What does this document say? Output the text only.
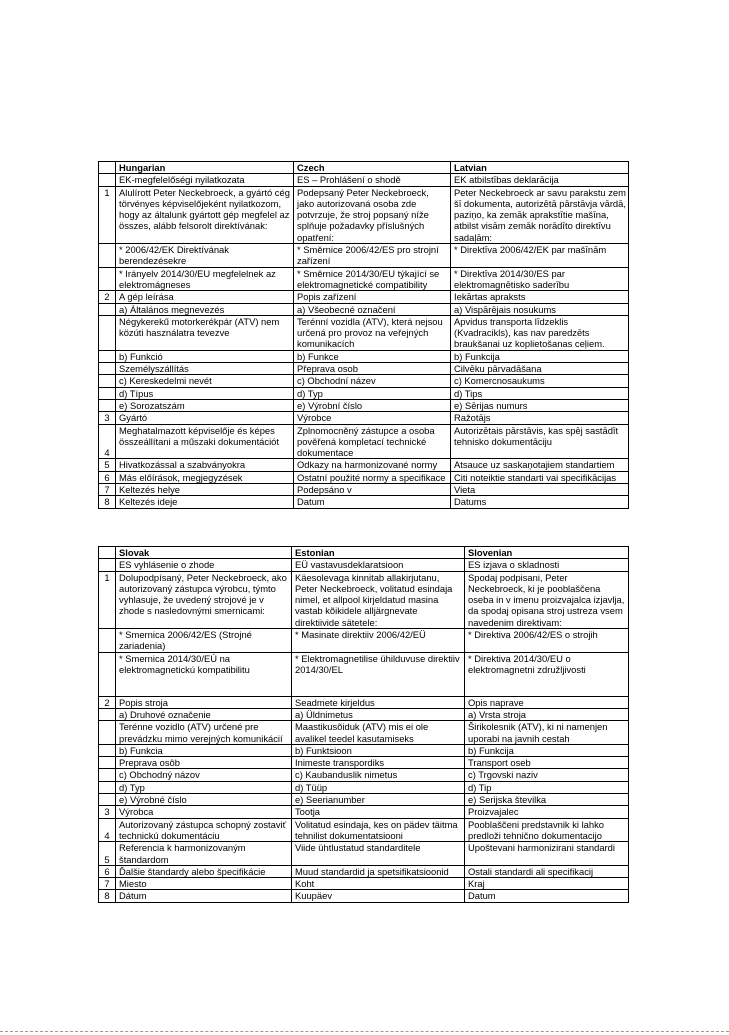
	Hungarian	Czech	Latvian
	EK-megfelelőségi nyilatkozata	ES – Prohlášení o shodě	EK atbilstības deklarācija
1	Alulírott Peter Neckebroeck, a gyártó cég törvényes képviselőjeként nyilatkozom, hogy az általunk gyártott gép megfelel az összes, alább felsorolt direktívának:	Podepsaný Peter Neckebroeck, jako autorizovaná osoba zde potvrzuje, že stroj popsaný níže splňuje požadavky příslušných opatření:	Peter Neckebroeck ar savu parakstu zem šī dokumenta, autorizētā pārstāvja vārdā, paziņo, ka zemāk aprakstītie mašīna, atbilst visām zemāk norādīto direktīvu sadaļām:
	* 2006/42/EK Direktívának berendezésekre	* Směrnice 2006/42/ES pro strojní zařízení	* Direktīva 2006/42/EK par mašīnām
	* Irányelv 2014/30/EU megfelelnek az elektromágneses	* Směrnice 2014/30/EU týkající se elektromagnetické compatibility	* Direktīva 2014/30/ES par elektromagnētisko saderību
2	A gép leírása	Popis zařízení	Iekārtas apraksts
	a) Általános megnevezés	a) Všeobecné označení	a) Vispārējais nosukums
	Négykerekű motorkerékpár (ATV) nem közúti használatra tevezve	Terénní vozidla (ATV), která nejsou určená pro provoz na veřejných komunikacích	Apvidus transporta līdzeklis (Kvadracikls), kas nav paredzēts braukšanai uz koplietošanas ceļiem.
	b) Funkció	b) Funkce	b) Funkcija
	Személyszállítás	Přeprava osob	Cilvēku pārvadāšana
	c) Kereskedelmi nevét	c) Obchodní název	c) Komercnosaukums
	d) Típus	d) Typ	d) Tips
	e) Sorozatszám	e) Výrobní číslo	e) Sērijas numurs
3	Gyártó	Výrobce	Ražotājs
4	Meghatalmazott képviselője és képes összeállítani a műszaki dokumentációt	Zplnomocněný zástupce a osoba pověřená kompletací technické dokumentace	Autorizētais pārstāvis, kas spēj sastādīt tehnisko dokumentāciju
5	Hivatkozással a szabványokra	Odkazy na harmonizované normy	Atsauce uz saskaņotajiem standartiem
6	Más előírások, megjegyzések	Ostatní použité normy a specifikace	Citi noteiktie standarti vai specifikācijas
7	Keltezés helye	Podepsáno v	Vieta
8	Keltezés ideje	Datum	Datums
	Slovak	Estonian	Slovenian
	ES vyhlásenie o zhode	EÜ vastavusdeklaratsioon	ES izjava o skladnosti
1	Dolupodpísaný, Peter Neckebroeck, ako autorizovaný zástupca výrobcu, týmto vyhlasuje, že uvedený strojové je v zhode s nasledovnými smernicami:	Käesolevaga kinnitab allakirjutanu, Peter Neckebroeck, volitatud esindaja nimel, et allpool kirjeldatud masina vastab kõikidele alljärgnevate direktiivide sätetele:	Spodaj podpisani, Peter Neckebroeck, ki je pooblaščena oseba in v imenu proizvajalca izjavlja, da spodaj opisana stroj ustreza vsem navedenim direktivam:
	* Smernica 2006/42/ES (Strojné zariadenia)	* Masinate direktiiv 2006/42/EÜ	* Direktiva 2006/42/ES o strojih
	* Smernica 2014/30/EÚ na elektromagnetickú kompatibilitu	* Elektromagnetilise ühilduvuse direktiiv 2014/30/EL	* Direktiva 2014/30/EU o elektromagnetni združljivosti
2	Popis stroja	Seadmete kirjeldus	Opis naprave
	a) Druhové označenie	a) Üldnimetus	a) Vrsta stroja
	Terénne vozidlo (ATV) určené pre prevádzku mimo verejných komunikácií	Maastikusõiduk (ATV) mis ei ole avalikel teedel kasutamiseks	Širikolesnik (ATV), ki ni namenjen uporabi na javnih cestah
	b) Funkcia	b) Funktsioon	b) Funkcija
	Preprava osôb	Inimeste transpordiks	Transport oseb
	c) Obchodný názov	c) Kaubanduslik nimetus	c) Trgovski naziv
	d) Typ	d) Tüüp	d) Tip
	e) Výrobné číslo	e) Seerianumber	e) Serijska številka
3	Výrobca	Tootja	Proizvajalec
4	Autorizovaný zástupca schopný zostaviť technickú dokumentáciu	Volitatud esindaja, kes on pädev täitma tehnilist dokumentatsiooni	Pooblaščeni predstavnik ki lahko predloži tehnično dokumentacijo
5	Referencia k harmonizovaným štandardom	Viide ühtlustatud standarditele	Upoštevani harmonizirani standardi
6	Ďalšie štandardy alebo špecifikácie	Muud standardid ja spetsifikatsioonid	Ostali standardi ali specifikacij
7	Miesto	Koht	Kraj
8	Dátum	Kuupäev	Datum
